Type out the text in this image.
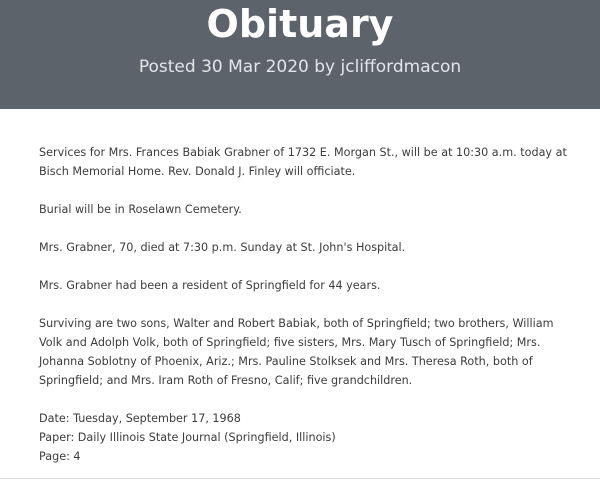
Obituary
Posted 30 Mar 2020 by jcliffordmacon

Services for Mrs. Frances Babiak Grabner of 1732 E. Morgan St., will be at 10:30 a.m. today at Bisch Memorial Home. Rev. Donald J. Finley will officiate.

Burial will be in Roselawn Cemetery.

Mrs. Grabner, 70, died at 7:30 p.m. Sunday at St. John's Hospital.

Mrs. Grabner had been a resident of Springfield for 44 years.

Surviving are two sons, Walter and Robert Babiak, both of Springfield; two brothers, William Volk and Adolph Volk, both of Springfield; five sisters, Mrs. Mary Tusch of Springfield; Mrs. Johanna Soblotny of Phoenix, Ariz.; Mrs. Pauline Stolksek and Mrs. Theresa Roth, both of Springfield; and Mrs. Iram Roth of Fresno, Calif; five grandchildren.

Date: Tuesday, September 17, 1968
Paper: Daily Illinois State Journal (Springfield, Illinois)
Page: 4
